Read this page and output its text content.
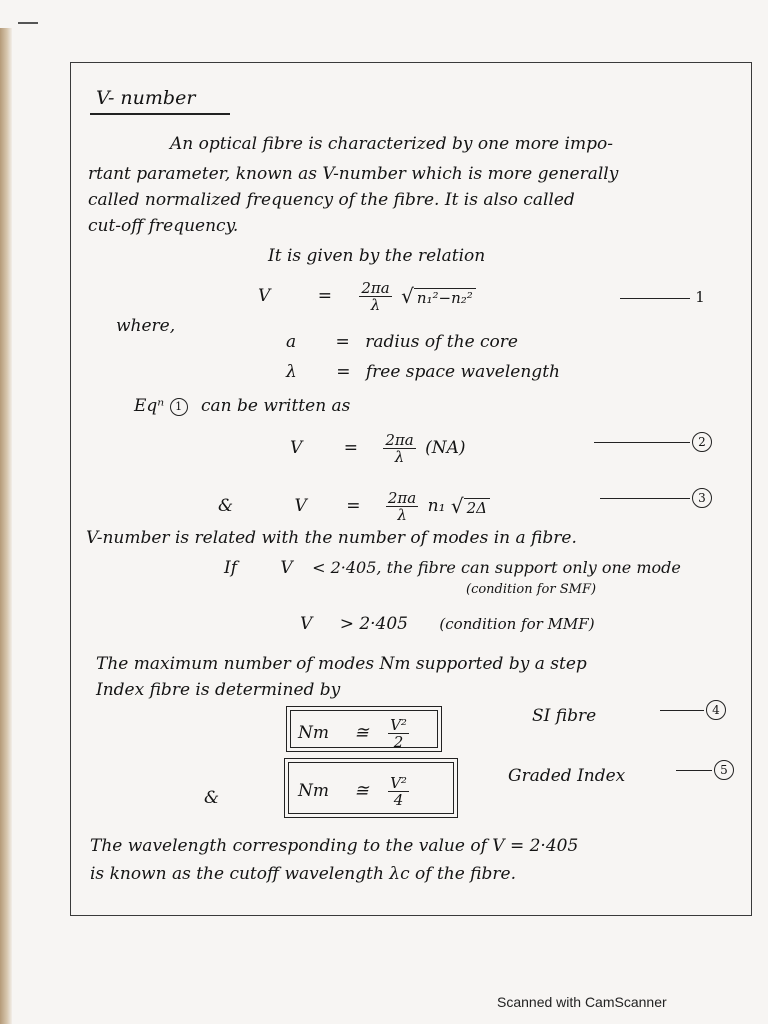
V- number
An optical fibre is characterized by one more impo-
rtant parameter, known as V-number which is more generally
called normalized frequency of the fibre. It is also called
cut-off frequency.
It is given by the relation
V	= $\frac{2\pi a}{\lambda}$ √ n₁²−n₂²	1
where,
a = radius of the core
λ = free space wavelength
Eqⁿ 1 can be written as
$V = \frac{2\pi a}{\lambda} (NA)$	2
&	$V = \frac{2\pi a}{\lambda} n_1$ √ 2Δ
3
V-number is related with the number of modes in a fibre.
If	V < 2·405, the fibre can support only one mode
(condition for SMF)
V > 2·405 (condition for MMF)
The maximum number of modes Nm supported by a step
Index fibre is determined by
Nm ≅ $\frac{\text{V²}}{2}$
SI fibre	4
&	Nm ≅ $\frac{\text{V²}}{4}$	Graded Index	5
The wavelength corresponding to the value of V = 2·405
is known as the cutoff wavelength λc of the fibre.
Scanned with CamScanner
